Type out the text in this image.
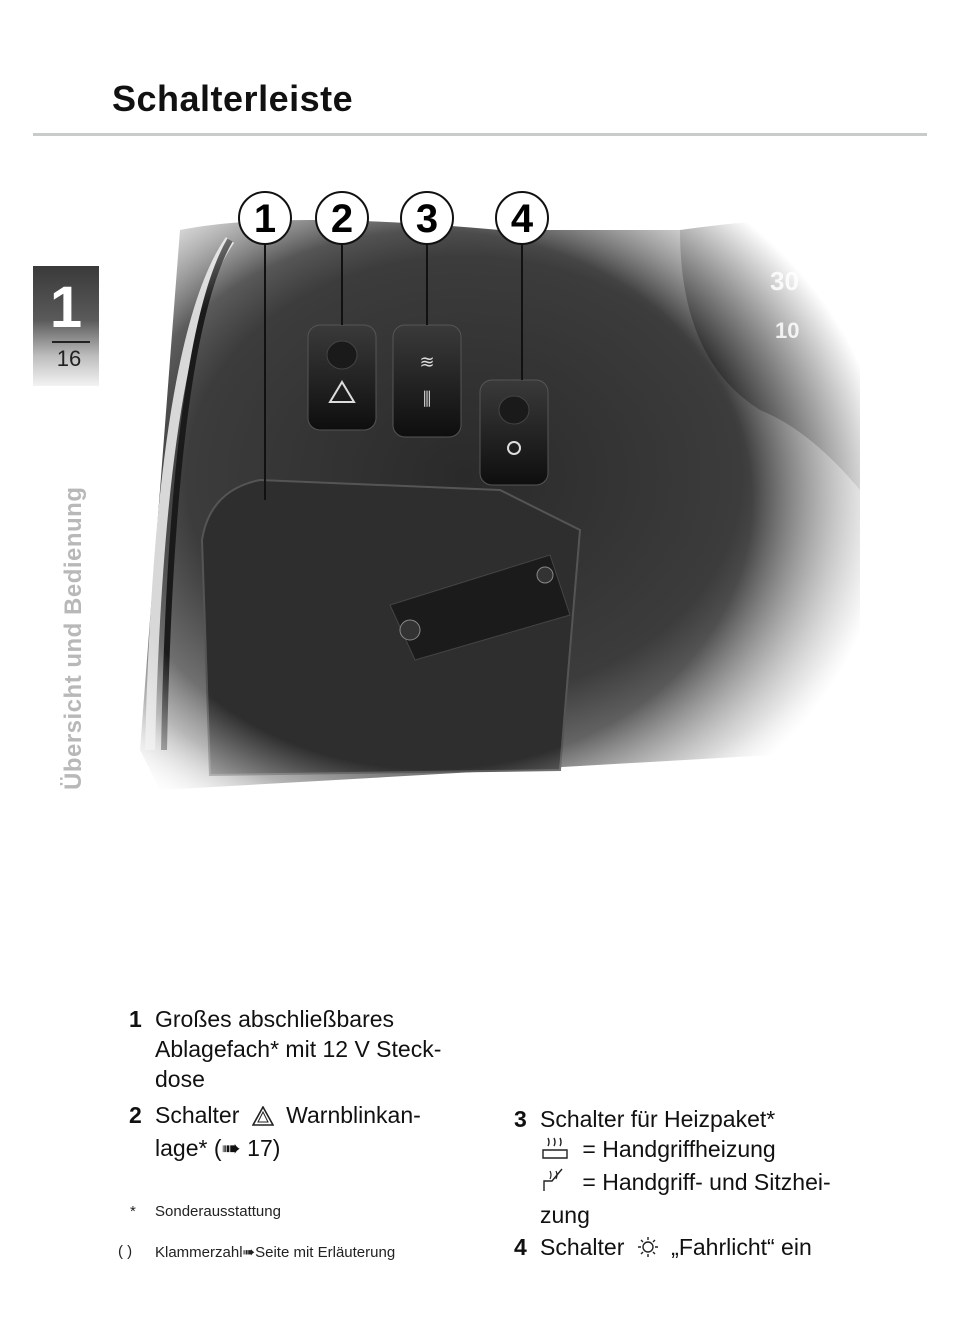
Schalterleiste
1
16
Übersicht und Bedienung
1 2 3 4
1 Großes abschließbares
Ablagefach* mit 12 V Steck-
dose
2 Schalter Warnblinkan-
lage* (➠ 17)
* Sonderausstattung
( ) Klammerzahl➠Seite mit Erläuterung
3 Schalter für Heizpaket*
= Handgriffheizung
= Handgriff- und Sitzhei-
zung
4 Schalter „Fahrlicht“ ein
